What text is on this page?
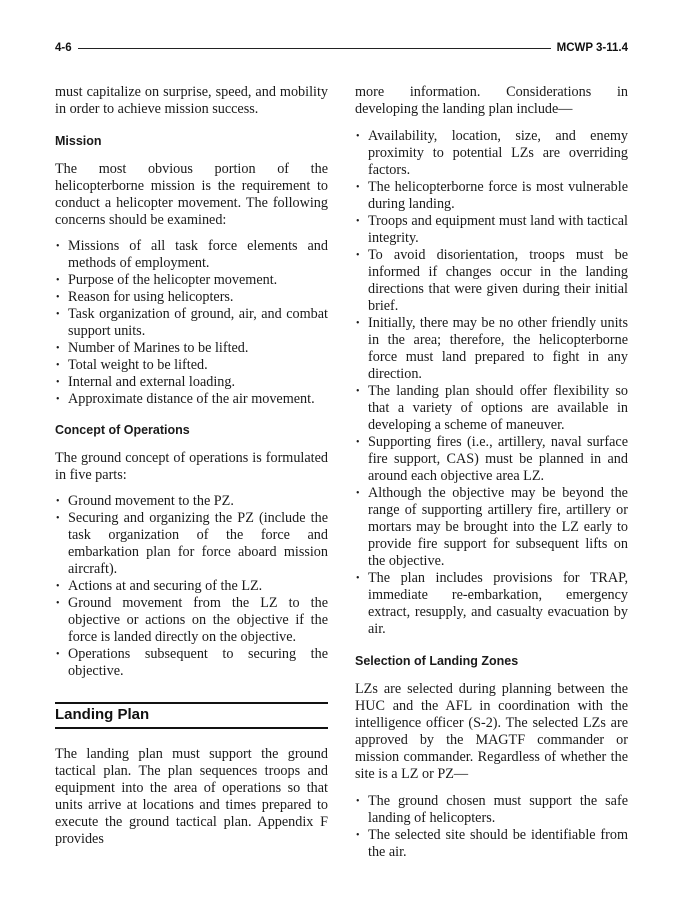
4-6	MCWP 3-11.4

must capitalize on surprise, speed, and mobility in order to achieve mission success.

Mission

The most obvious portion of the helicopterborne mission is the requirement to conduct a helicopter movement. The following concerns should be examined:

• Missions of all task force elements and methods of employment.
• Purpose of the helicopter movement.
• Reason for using helicopters.
• Task organization of ground, air, and combat support units.
• Number of Marines to be lifted.
• Total weight to be lifted.
• Internal and external loading.
• Approximate distance of the air movement.
Concept of Operations

The ground concept of operations is formulated in five parts:

• Ground movement to the PZ.
• Securing and organizing the PZ (include the task organization of the force and embarkation plan for force aboard mission aircraft).
• Actions at and securing of the LZ.
• Ground movement from the LZ to the objective or actions on the objective if the force is landed directly on the objective.
• Operations subsequent to securing the objective.
Landing Plan

The landing plan must support the ground tactical plan. The plan sequences troops and equipment into the area of operations so that units arrive at locations and times prepared to execute the ground tactical plan. Appendix F provides

more information. Considerations in developing the landing plan include—

• Availability, location, size, and enemy proximity to potential LZs are overriding factors.
• The helicopterborne force is most vulnerable during landing.
• Troops and equipment must land with tactical integrity.
• To avoid disorientation, troops must be informed if changes occur in the landing directions that were given during their initial brief.
• Initially, there may be no other friendly units in the area; therefore, the helicopterborne force must land prepared to fight in any direction.
• The landing plan should offer flexibility so that a variety of options are available in developing a scheme of maneuver.
• Supporting fires (i.e., artillery, naval surface fire support, CAS) must be planned in and around each objective area LZ.
• Although the objective may be beyond the range of supporting artillery fire, artillery or mortars may be brought into the LZ early to provide fire support for subsequent lifts on the objective.
• The plan includes provisions for TRAP, immediate re-embarkation, emergency extract, resupply, and casualty evacuation by air.
Selection of Landing Zones

LZs are selected during planning between the HUC and the AFL in coordination with the intelligence officer (S-2). The selected LZs are approved by the MAGTF commander or mission commander. Regardless of whether the site is a LZ or PZ—

• The ground chosen must support the safe landing of helicopters.
• The selected site should be identifiable from the air.
